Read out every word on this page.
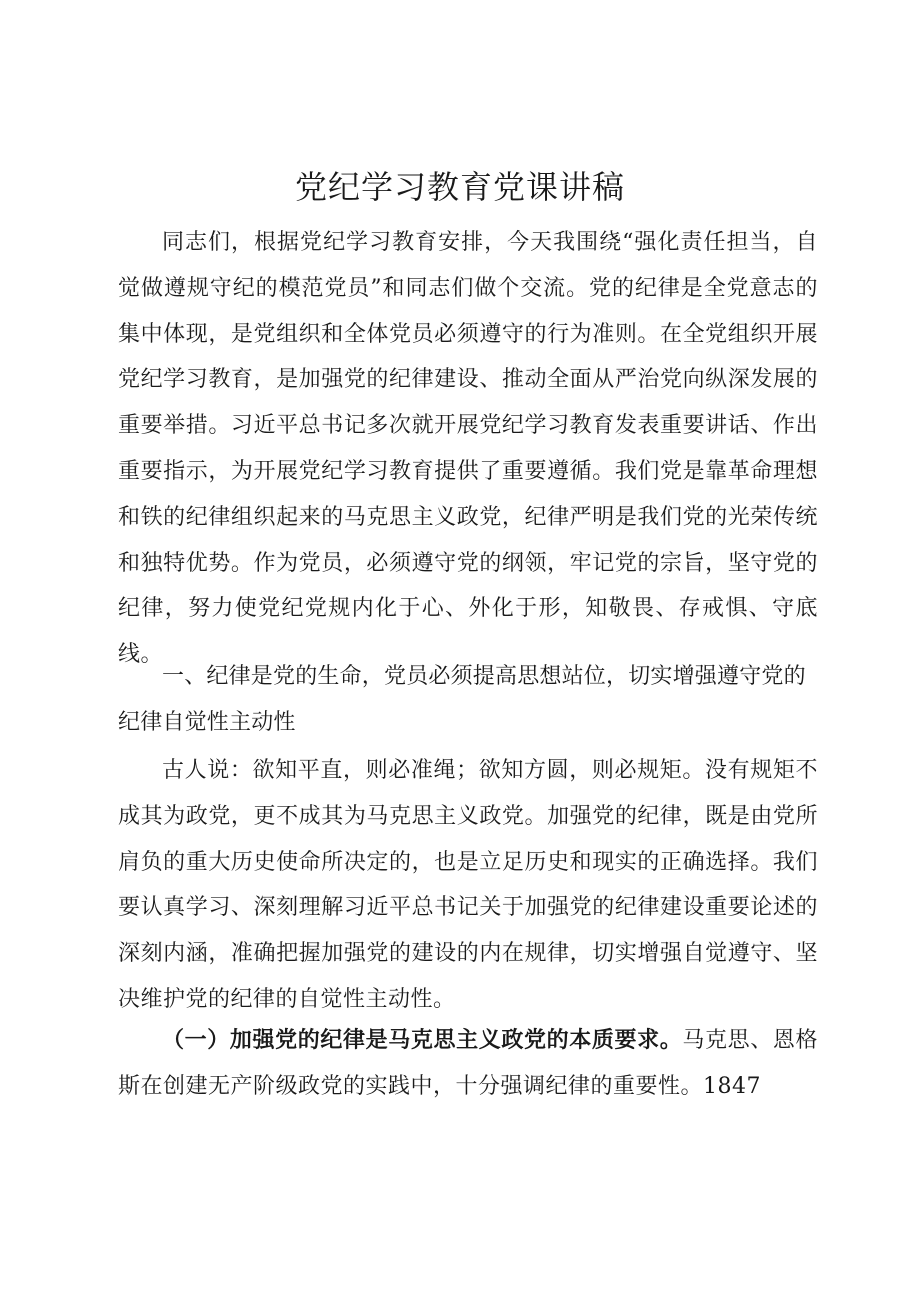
党纪学习教育党课讲稿

同志们，根据党纪学习教育安排，今天我围绕“强化责任担当，自觉做遵规守纪的模范党员”和同志们做个交流。党的纪律是全党意志的集中体现，是党组织和全体党员必须遵守的行为准则。在全党组织开展党纪学习教育，是加强党的纪律建设、推动全面从严治党向纵深发展的重要举措。习近平总书记多次就开展党纪学习教育发表重要讲话、作出重要指示，为开展党纪学习教育提供了重要遵循。我们党是靠革命理想和铁的纪律组织起来的马克思主义政党，纪律严明是我们党的光荣传统和独特优势。作为党员，必须遵守党的纲领，牢记党的宗旨，坚守党的纪律，努力使党纪党规内化于心、外化于形，知敬畏、存戒惧、守底线。

一、纪律是党的生命，党员必须提高思想站位，切实增强遵守党的纪律自觉性主动性

古人说：欲知平直，则必准绳；欲知方圆，则必规矩。没有规矩不成其为政党，更不成其为马克思主义政党。加强党的纪律，既是由党所肩负的重大历史使命所决定的，也是立足历史和现实的正确选择。我们要认真学习、深刻理解习近平总书记关于加强党的纪律建设重要论述的深刻内涵，准确把握加强党的建设的内在规律，切实增强自觉遵守、坚决维护党的纪律的自觉性主动性。

（一）加强党的纪律是马克思主义政党的本质要求。马克思、恩格斯在创建无产阶级政党的实践中，十分强调纪律的重要性。1847
